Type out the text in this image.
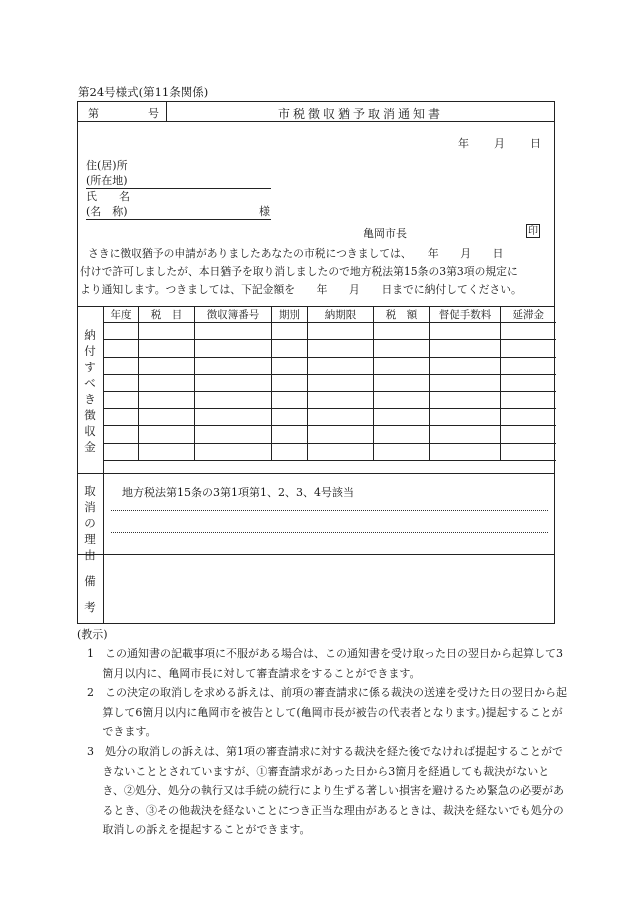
第24号様式(第11条関係)
第	号	市税徴収猶予取消通知書
年 月 日
住(居)所
(所在地)
氏　　名
(名　称)	様
亀岡市長	印
さきに徴収猶予の申請がありましたあなたの市税につきましては、　　年　　月　　日
付けで許可しましたが、本日猶予を取り消しましたので地方税法第15条の3第3項の規定に
より通知します。つきましては、下記金額を　　年　　月　　日までに納付してください。
納付すべき徴収金
年度	税　目	徴収簿番号	期別	納期限	税　額	督促手数料	延滞金

取消の理由
地方税法第15条の3第1項第1、2、3、4号該当
備考
(教示)
1　この通知書の記載事項に不服がある場合は、この通知書を受け取った日の翌日から起算して3箇月以内に、亀岡市長に対して審査請求をすることができます。
2　この決定の取消しを求める訴えは、前項の審査請求に係る裁決の送達を受けた日の翌日から起算して6箇月以内に亀岡市を被告として(亀岡市長が被告の代表者となります。)提起することができます。
3　処分の取消しの訴えは、第1項の審査請求に対する裁決を経た後でなければ提起することができないこととされていますが、①審査請求があった日から3箇月を経過しても裁決がないとき、②処分、処分の執行又は手続の続行により生ずる著しい損害を避けるため緊急の必要があるとき、③その他裁決を経ないことにつき正当な理由があるときは、裁決を経ないでも処分の取消しの訴えを提起することができます。
